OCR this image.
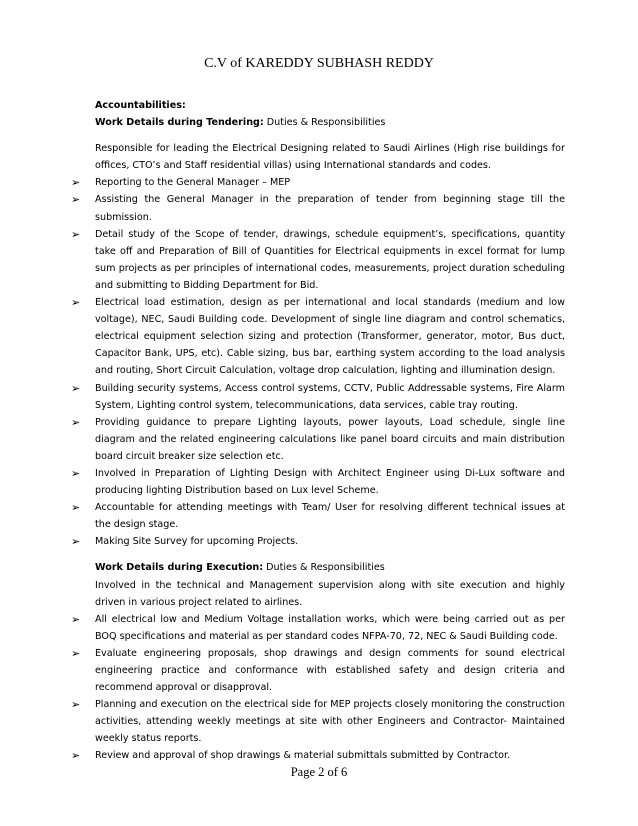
C.V of KAREDDY SUBHASH REDDY

Accountabilities:

Work Details during Tendering: Duties & Responsibilities

Responsible for leading the Electrical Designing related to Saudi Airlines (High rise buildings for offices, CTO’s and Staff residential villas) using International standards and codes.

➢ Reporting to the General Manager – MEP

➢ Assisting the General Manager in the preparation of tender from beginning stage till the submission.

➢ Detail study of the Scope of tender, drawings, schedule equipment’s, specifications, quantity take off and Preparation of Bill of Quantities for Electrical equipments in excel format for lump sum projects as per principles of international codes, measurements, project duration scheduling and submitting to Bidding Department for Bid.

➢ Electrical load estimation, design as per international and local standards (medium and low voltage), NEC, Saudi Building code. Development of single line diagram and control schematics, electrical equipment selection sizing and protection (Transformer, generator, motor, Bus duct, Capacitor Bank, UPS, etc). Cable sizing, bus bar, earthing system according to the load analysis and routing, Short Circuit Calculation, voltage drop calculation, lighting and illumination design.

➢ Building security systems, Access control systems, CCTV, Public Addressable systems, Fire Alarm System, Lighting control system, telecommunications, data services, cable tray routing.

➢ Providing guidance to prepare Lighting layouts, power layouts, Load schedule, single line diagram and the related engineering calculations like panel board circuits and main distribution board circuit breaker size selection etc.

➢ Involved in Preparation of Lighting Design with Architect Engineer using Di-Lux software and producing lighting Distribution based on Lux level Scheme.

➢ Accountable for attending meetings with Team/ User for resolving different technical issues at the design stage.

➢ Making Site Survey for upcoming Projects.

Work Details during Execution: Duties & Responsibilities

Involved in the technical and Management supervision along with site execution and highly driven in various project related to airlines.

➢ All electrical low and Medium Voltage installation works, which were being carried out as per BOQ specifications and material as per standard codes NFPA-70, 72, NEC & Saudi Building code.

➢ Evaluate engineering proposals, shop drawings and design comments for sound electrical engineering practice and conformance with established safety and design criteria and recommend approval or disapproval.

➢ Planning and execution on the electrical side for MEP projects closely monitoring the construction activities, attending weekly meetings at site with other Engineers and Contractor- Maintained weekly status reports.

➢ Review and approval of shop drawings & material submittals submitted by Contractor.

Page 2 of 6
